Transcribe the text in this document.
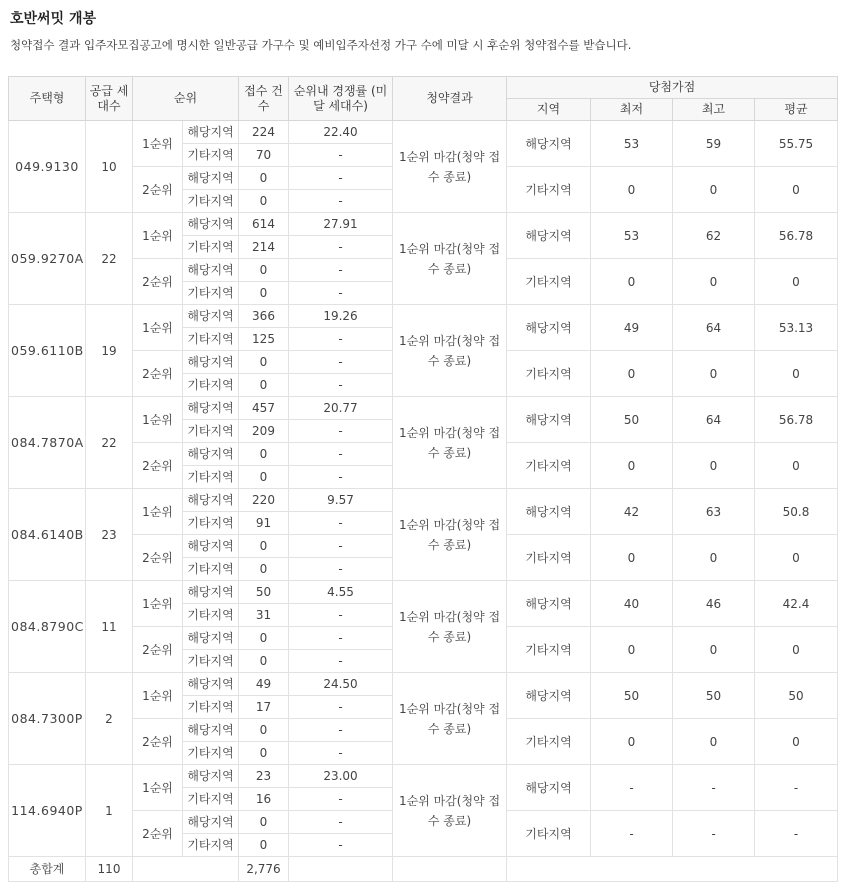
호반써밋 개봉
청약접수 결과 입주자모집공고에 명시한 일반공급 가구수 및 예비입주자선정 가구 수에 미달 시 후순위 청약접수를 받습니다.
주택형	공급 세대수	순위		접수 건수	순위내 경쟁률 (미달 세대수)	청약결과	당첨가점			
							지역	최저	최고	평균
049.9130	10	1순위	해당지역	224	22.40	1순위 마감(청약 접수 종료)	해당지역	53	59	55.75
			기타지역	70	-					
		2순위	해당지역	0	-		기타지역	0	0	0
			기타지역	0	-					
059.9270A	22	1순위	해당지역	614	27.91	1순위 마감(청약 접수 종료)	해당지역	53	62	56.78
			기타지역	214	-					
		2순위	해당지역	0	-		기타지역	0	0	0
			기타지역	0	-					
059.6110B	19	1순위	해당지역	366	19.26	1순위 마감(청약 접수 종료)	해당지역	49	64	53.13
			기타지역	125	-					
		2순위	해당지역	0	-		기타지역	0	0	0
			기타지역	0	-					
084.7870A	22	1순위	해당지역	457	20.77	1순위 마감(청약 접수 종료)	해당지역	50	64	56.78
			기타지역	209	-					
		2순위	해당지역	0	-		기타지역	0	0	0
			기타지역	0	-					
084.6140B	23	1순위	해당지역	220	9.57	1순위 마감(청약 접수 종료)	해당지역	42	63	50.8
			기타지역	91	-					
		2순위	해당지역	0	-		기타지역	0	0	0
			기타지역	0	-					
084.8790C	11	1순위	해당지역	50	4.55	1순위 마감(청약 접수 종료)	해당지역	40	46	42.4
			기타지역	31	-					
		2순위	해당지역	0	-		기타지역	0	0	0
			기타지역	0	-					
084.7300P	2	1순위	해당지역	49	24.50	1순위 마감(청약 접수 종료)	해당지역	50	50	50
			기타지역	17	-					
		2순위	해당지역	0	-		기타지역	0	0	0
			기타지역	0	-					
114.6940P	1	1순위	해당지역	23	23.00	1순위 마감(청약 접수 종료)	해당지역	-	-	-
			기타지역	16	-					
		2순위	해당지역	0	-		기타지역	-	-	-
			기타지역	0	-					
총합계	110			2,776						
